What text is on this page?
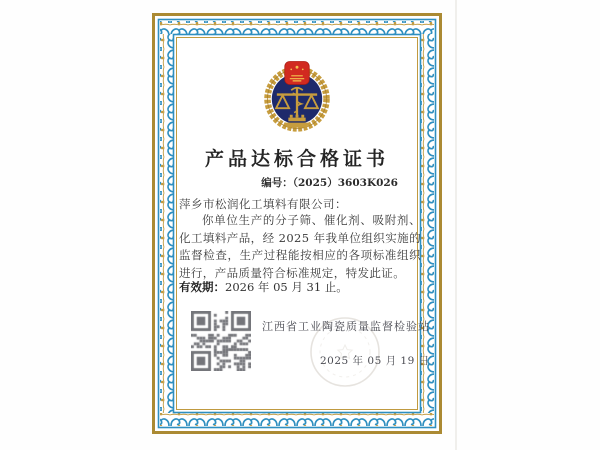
产品达标合格证书
编号：（2025）3603K026
萍乡市松润化工填料有限公司：
你单位生产的分子筛、催化剂、吸附剂、化工填料产品，经 2025 年我单位组织实施的监督检查，生产过程能按相应的各项标准组织进行，产品质量符合标准规定，特发此证。
有效期：2026 年 05 月 31 止。
江西省工业陶瓷质量监督检验站
2025 年 05 月 19 日
